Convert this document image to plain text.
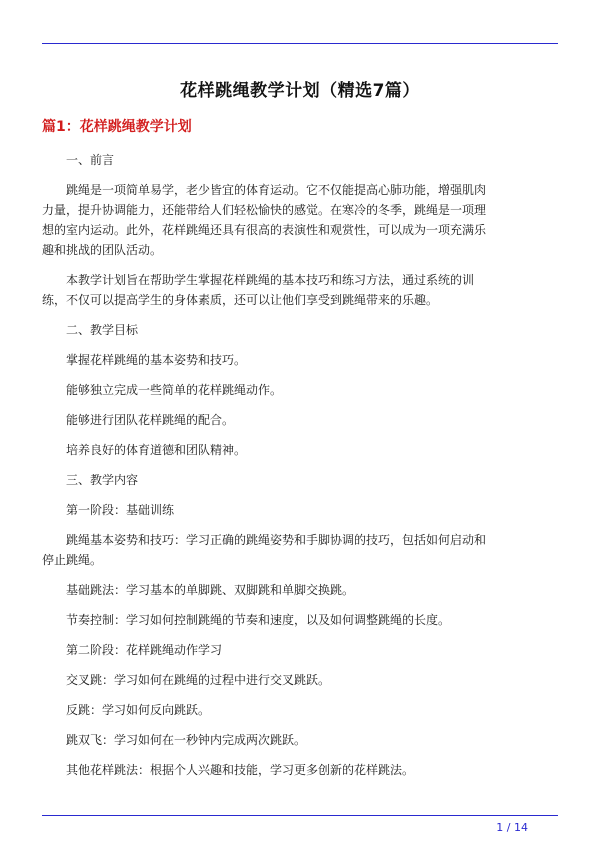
花样跳绳教学计划（精选7篇）
篇1：花样跳绳教学计划

一、前言

跳绳是一项简单易学，老少皆宜的体育运动。它不仅能提高心肺功能，增强肌肉力量，提升协调能力，还能带给人们轻松愉快的感觉。在寒冷的冬季，跳绳是一项理想的室内运动。此外，花样跳绳还具有很高的表演性和观赏性，可以成为一项充满乐趣和挑战的团队活动。

本教学计划旨在帮助学生掌握花样跳绳的基本技巧和练习方法，通过系统的训练，不仅可以提高学生的身体素质，还可以让他们享受到跳绳带来的乐趣。

二、教学目标

掌握花样跳绳的基本姿势和技巧。

能够独立完成一些简单的花样跳绳动作。

能够进行团队花样跳绳的配合。

培养良好的体育道德和团队精神。

三、教学内容

第一阶段：基础训练

跳绳基本姿势和技巧：学习正确的跳绳姿势和手脚协调的技巧，包括如何启动和停止跳绳。

基础跳法：学习基本的单脚跳、双脚跳和单脚交换跳。

节奏控制：学习如何控制跳绳的节奏和速度，以及如何调整跳绳的长度。

第二阶段：花样跳绳动作学习

交叉跳：学习如何在跳绳的过程中进行交叉跳跃。

反跳：学习如何反向跳跃。

跳双飞：学习如何在一秒钟内完成两次跳跃。

其他花样跳法：根据个人兴趣和技能，学习更多创新的花样跳法。

1 / 14
